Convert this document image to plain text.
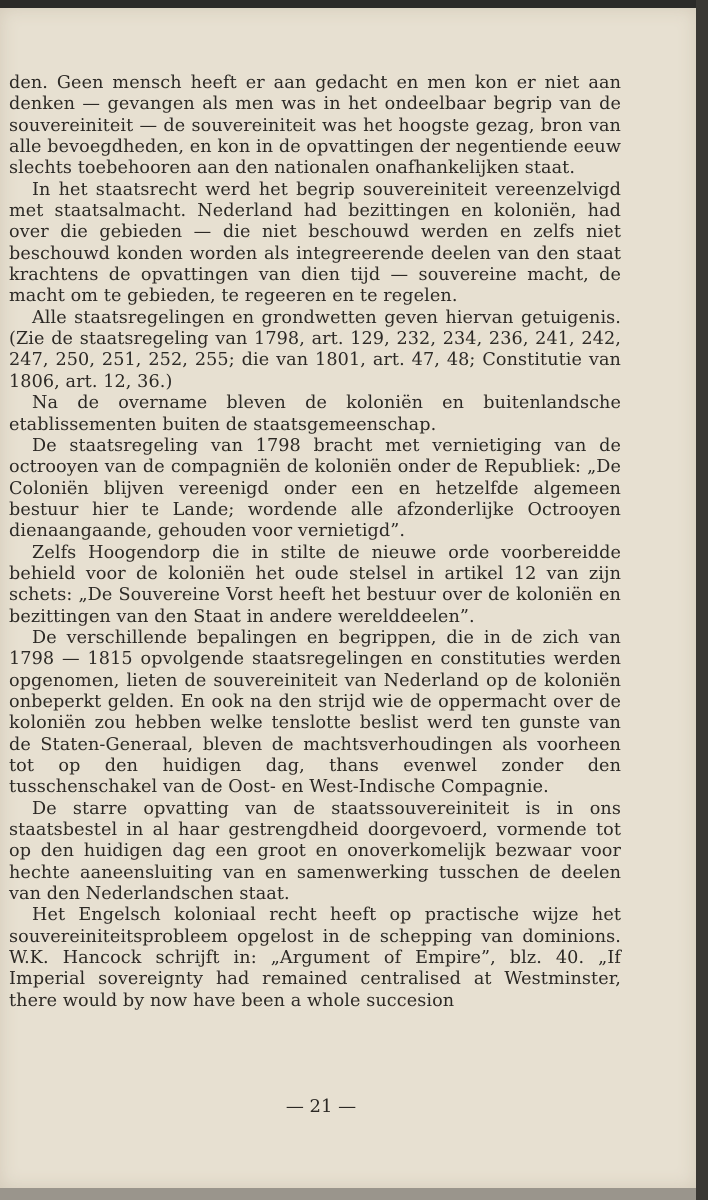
den. Geen mensch heeft er aan gedacht en men kon er niet aan denken — gevangen als men was in het ondeelbaar begrip van de souvereiniteit — de souvereiniteit was het hoogste gezag, bron van alle bevoegdheden, en kon in de opvattingen der negentiende eeuw slechts toebehooren aan den nationalen onafhankelijken staat.

In het staatsrecht werd het begrip souvereiniteit vereenzelvigd met staatsalmacht. Nederland had bezittingen en koloniën, had over die gebieden — die niet beschouwd werden en zelfs niet beschouwd konden worden als integreerende deelen van den staat krachtens de opvattingen van dien tijd — souvereine macht, de macht om te gebieden, te regeeren en te regelen.

Alle staatsregelingen en grondwetten geven hiervan getuigenis. (Zie de staatsregeling van 1798, art. 129, 232, 234, 236, 241, 242, 247, 250, 251, 252, 255; die van 1801, art. 47, 48; Constitutie van 1806, art. 12, 36.)

Na de overname bleven de koloniën en buitenlandsche etablissementen buiten de staatsgemeenschap.

De staatsregeling van 1798 bracht met vernietiging van de octrooyen van de compagniën de koloniën onder de Republiek: „De Coloniën blijven vereenigd onder een en hetzelfde algemeen bestuur hier te Lande; wordende alle afzonderlijke Octrooyen dienaangaande, gehouden voor vernietigd”.

Zelfs Hoogendorp die in stilte de nieuwe orde voorbereidde behield voor de koloniën het oude stelsel in artikel 12 van zijn schets: „De Souvereine Vorst heeft het bestuur over de koloniën en bezittingen van den Staat in andere werelddeelen”.

De verschillende bepalingen en begrippen, die in de zich van 1798 — 1815 opvolgende staatsregelingen en constituties werden opgenomen, lieten de souvereiniteit van Nederland op de koloniën onbeperkt gelden. En ook na den strijd wie de oppermacht over de koloniën zou hebben welke tenslotte beslist werd ten gunste van de Staten-Generaal, bleven de machtsverhoudingen als voorheen tot op den huidigen dag, thans evenwel zonder den tusschenschakel van de Oost- en West-Indische Compagnie.

De starre opvatting van de staatssouvereiniteit is in ons staatsbestel in al haar gestrengdheid doorgevoerd, vormende tot op den huidigen dag een groot en onoverkomelijk bezwaar voor hechte aaneensluiting van en samenwerking tusschen de deelen van den Nederlandschen staat.

Het Engelsch koloniaal recht heeft op practische wijze het souvereiniteitsprobleem opgelost in de schepping van dominions. W.K. Hancock schrijft in: „Argument of Empire”, blz. 40. „If Imperial sovereignty had remained centralised at Westminster, there would by now have been a whole succesion

— 21 —
